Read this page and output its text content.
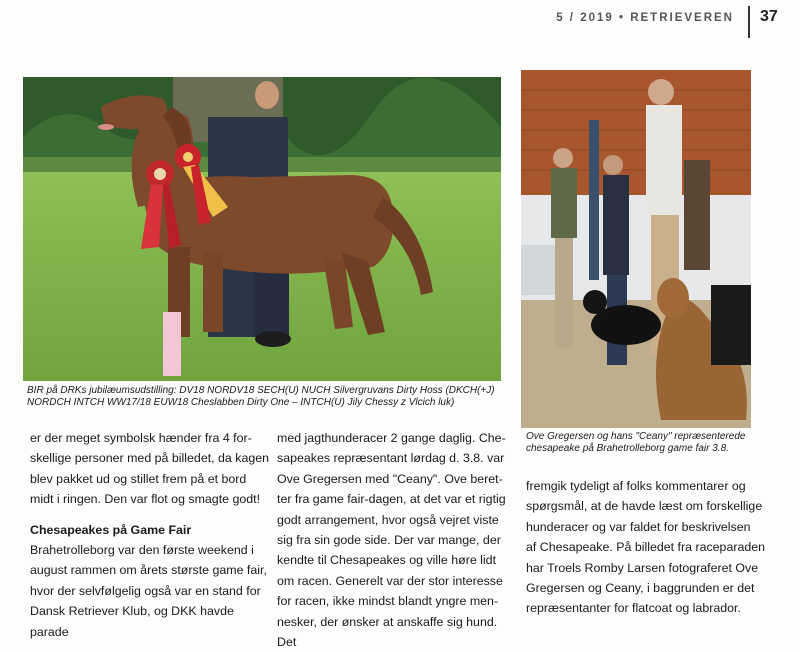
5 / 2019 • RETRIEVEREN 37
BIR på DRKs jubilæumsudstilling: DV18 NORDV18 SECH(U) NUCH Silvergruvans Dirty Hoss (DKCH(+J)
NORDCH INTCH WW17/18 EUW18 Cheslabben Dirty One – INTCH(U) Jily Chessy z Vlcich luk)
Ove Gregersen og hans "Ceany" repræsenterede
chesapeake på Brahetrolleborg game fair 3.8.

er der meget symbolsk hænder fra 4 for-

skellige personer med på billedet, da kagen

blev pakket ud og stillet frem på et bord

midt i ringen. Den var flot og smagte godt!

Chesapeakes på Game Fair

Brahetrolleborg var den første weekend i

august rammen om årets største game fair,

hvor der selvfølgelig også var en stand for

Dansk Retriever Klub, og DKK havde parade

med jagthunderacer 2 gange daglig. Che-

sapeakes repræsentant lørdag d. 3.8. var

Ove Gregersen med "Ceany". Ove beret-

ter fra game fair-dagen, at det var et rigtig

godt arrangement, hvor også vejret viste

sig fra sin gode side. Der var mange, der

kendte til Chesapeakes og ville høre lidt

om racen. Generelt var der stor interesse

for racen, ikke mindst blandt yngre men-

nesker, der ønsker at anskaffe sig hund. Det

fremgik tydeligt af folks kommentarer og

spørgsmål, at de havde læst om forskellige

hunderacer og var faldet for beskrivelsen

af Chesapeake. På billedet fra raceparaden

har Troels Romby Larsen fotograferet Ove

Gregersen og Ceany, i baggrunden er det

repræsentanter for flatcoat og labrador.
